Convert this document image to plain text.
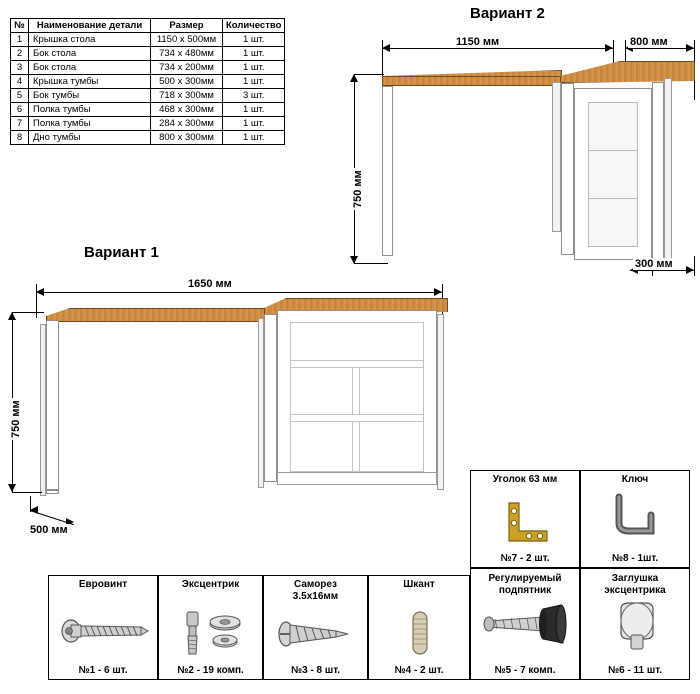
№	Наименование детали	Размер	Количество
1	Крышка стола	1150 x 500мм	1 шт.
2	Бок стола	734 x 480мм	1 шт.
3	Бок стола	734 x 200мм	1 шт.
4	Крышка тумбы	500 x 300мм	1 шт.
5	Бок тумбы	718 x 300мм	3 шт.
6	Полка тумбы	468 x 300мм	1 шт.
7	Полка тумбы	284 x 300мм	1 шт.
8	Дно тумбы	800 x 300мм	1 шт.
Вариант 2
1150 мм	800 мм
750 мм
300 мм
Вариант 1
1650 мм
750 мм
500 мм
Уголок 63 мм
№7 - 2 шт.
Ключ
№8 - 1шт.
Евровинт
№1 - 6 шт.
Эксцентрик
№2 - 19 комп.
Саморез
3.5x16мм
№3 - 8 шт.
Шкант
№4 - 2 шт.
Регулируемый
подпятник
№5 - 7 комп.
Заглушка
эксцентрика
№6 - 11 шт.
